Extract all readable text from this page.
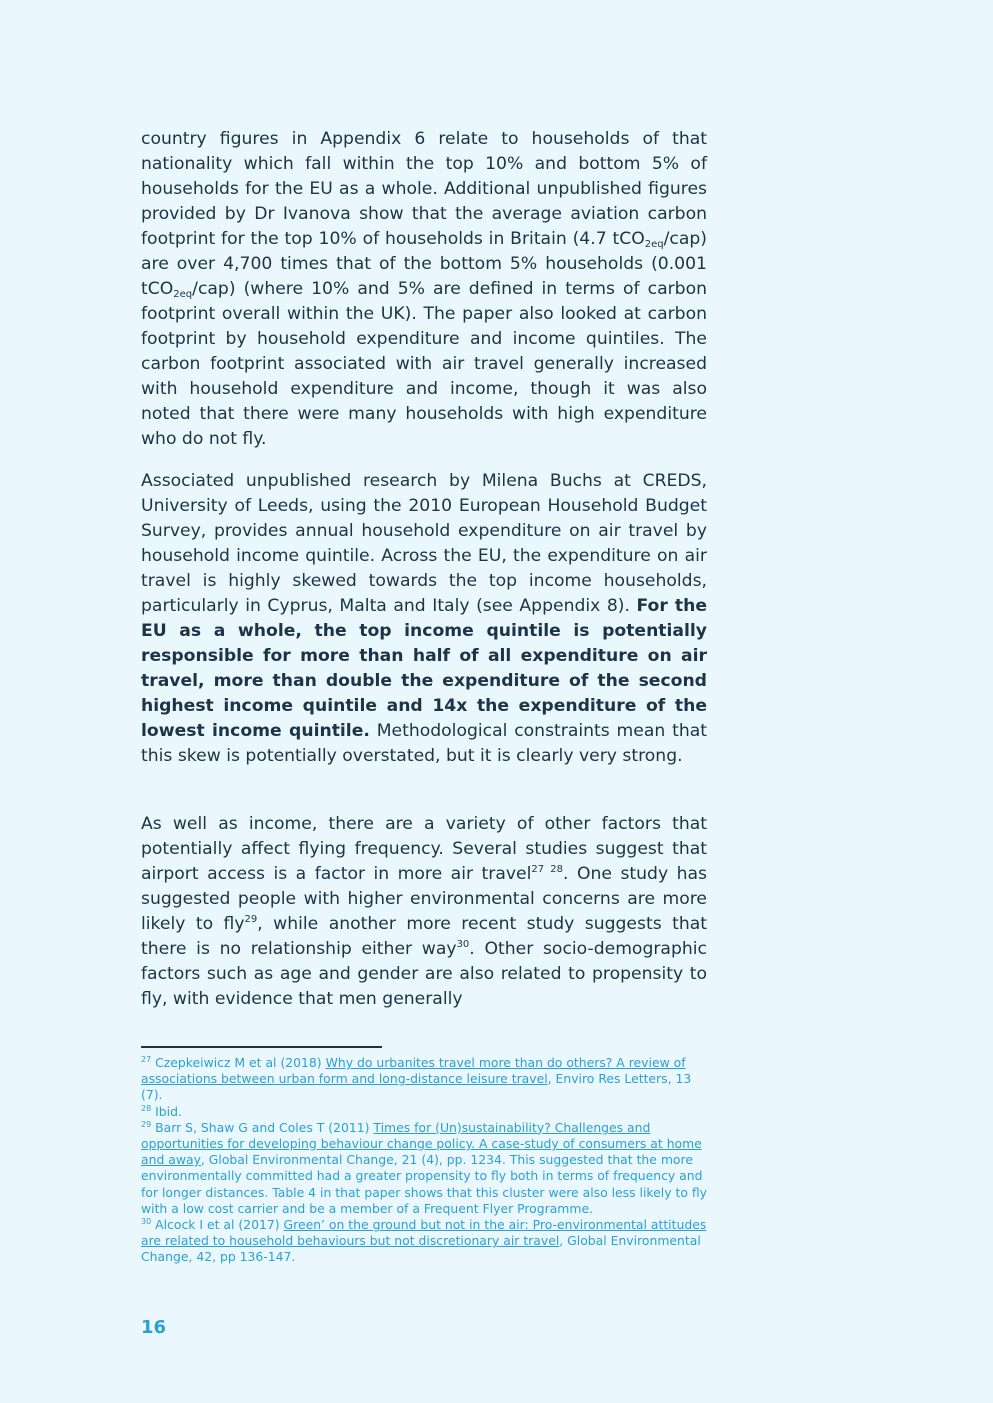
country figures in Appendix 6 relate to households of that nationality which fall within the top 10% and bottom 5% of households for the EU as a whole. Additional unpublished figures provided by Dr Ivanova show that the average aviation carbon footprint for the top 10% of households in Britain (4.7 tCO$_{2eq}$/cap) are over 4,700 times that of the bottom 5% households (0.001 tCO$_{2eq}$/cap) (where 10% and 5% are defined in terms of carbon footprint overall within the UK). The paper also looked at carbon footprint by household expenditure and income quintiles. The carbon footprint associated with air travel generally increased with household expenditure and income, though it was also noted that there were many households with high expenditure who do not fly.

Associated unpublished research by Milena Buchs at CREDS, University of Leeds, using the 2010 European Household Budget Survey, provides annual household expenditure on air travel by household income quintile. Across the EU, the expenditure on air travel is highly skewed towards the top income households, particularly in Cyprus, Malta and Italy (see Appendix 8). For the EU as a whole, the top income quintile is potentially responsible for more than half of all expenditure on air travel, more than double the expenditure of the second highest income quintile and 14x the expenditure of the lowest income quintile. Methodological constraints mean that this skew is potentially overstated, but it is clearly very strong.

As well as income, there are a variety of other factors that potentially affect flying frequency. Several studies suggest that airport access is a factor in more air travel$^{27 28}$. One study has suggested people with higher environmental concerns are more likely to fly$^{29}$, while another more recent study suggests that there is no relationship either way$^{30}$. Other socio-demographic factors such as age and gender are also related to propensity to fly, with evidence that men generally

$^{27}$ Czepkeiwicz M et al (2018) Why do urbanites travel more than do others? A review of associations between urban form and long-distance leisure travel, Enviro Res Letters, 13 (7).

$^{28}$ Ibid.

$^{29}$ Barr S, Shaw G and Coles T (2011) Times for (Un)sustainability? Challenges and opportunities for developing behaviour change policy. A case-study of consumers at home and away, Global Environmental Change, 21 (4), pp. 1234. This suggested that the more environmentally committed had a greater propensity to fly both in terms of frequency and for longer distances. Table 4 in that paper shows that this cluster were also less likely to fly with a low cost carrier and be a member of a Frequent Flyer Programme.

$^{30}$ Alcock I et al (2017) Green’ on the ground but not in the air: Pro-environmental attitudes are related to household behaviours but not discretionary air travel, Global Environmental Change, 42, pp 136-147.

16
